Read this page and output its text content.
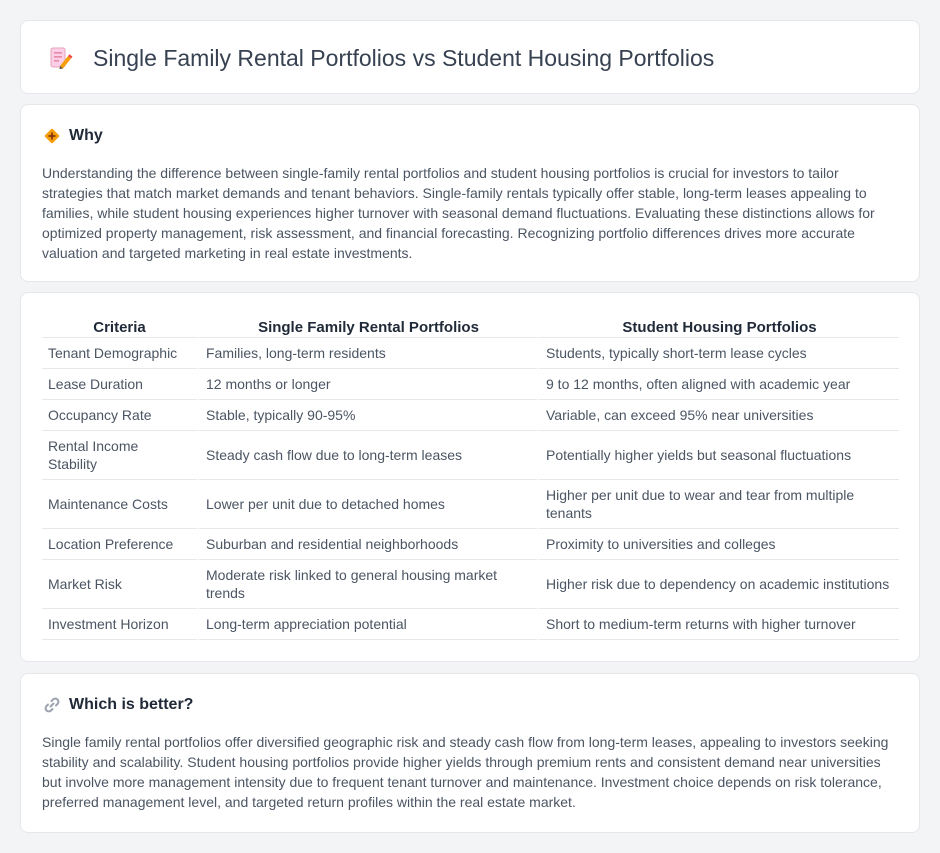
Single Family Rental Portfolios vs Student Housing Portfolios
Why

Understanding the difference between single-family rental portfolios and student housing portfolios is crucial for investors to tailor strategies that match market demands and tenant behaviors. Single-family rentals typically offer stable, long-term leases appealing to families, while student housing experiences higher turnover with seasonal demand fluctuations. Evaluating these distinctions allows for optimized property management, risk assessment, and financial forecasting. Recognizing portfolio differences drives more accurate valuation and targeted marketing in real estate investments.

Criteria	Single Family Rental Portfolios	Student Housing Portfolios
Tenant Demographic	Families, long-term residents	Students, typically short-term lease cycles
Lease Duration	12 months or longer	9 to 12 months, often aligned with academic year
Occupancy Rate	Stable, typically 90-95%	Variable, can exceed 95% near universities
Rental Income Stability	Steady cash flow due to long-term leases	Potentially higher yields but seasonal fluctuations
Maintenance Costs	Lower per unit due to detached homes	Higher per unit due to wear and tear from multiple tenants
Location Preference	Suburban and residential neighborhoods	Proximity to universities and colleges
Market Risk	Moderate risk linked to general housing market trends	Higher risk due to dependency on academic institutions
Investment Horizon	Long-term appreciation potential	Short to medium-term returns with higher turnover
Which is better?

Single family rental portfolios offer diversified geographic risk and steady cash flow from long-term leases, appealing to investors seeking stability and scalability. Student housing portfolios provide higher yields through premium rents and consistent demand near universities but involve more management intensity due to frequent tenant turnover and maintenance. Investment choice depends on risk tolerance, preferred management level, and targeted return profiles within the real estate market.
